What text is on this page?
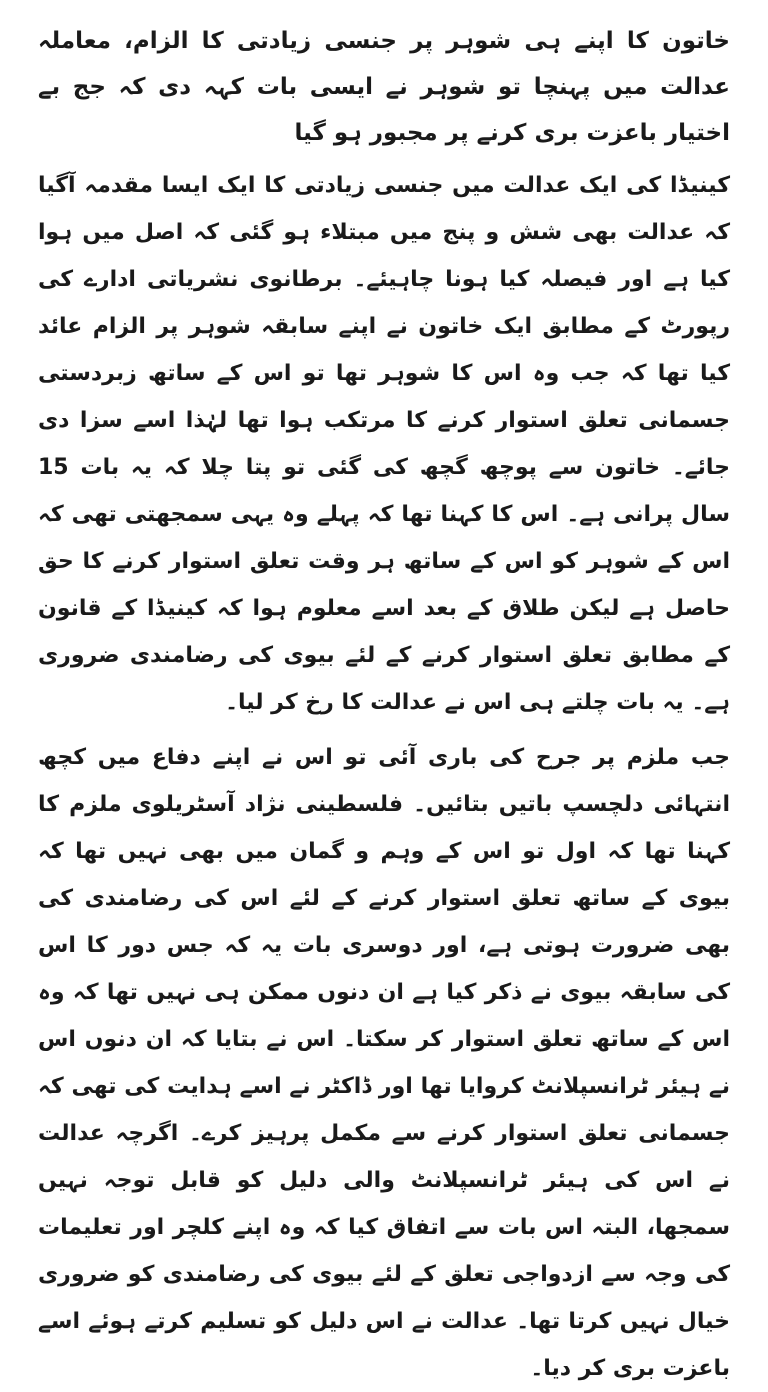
خاتون کا اپنے ہی شوہر پر جنسی زیادتی کا الزام، معاملہ عدالت میں پہنچا تو شوہر نے ایسی بات کہہ دی کہ جج بے اختیار باعزت بری کرنے پر مجبور ہو گیا

کینیڈا کی ایک عدالت میں جنسی زیادتی کا ایک ایسا مقدمہ آگیا کہ عدالت بھی شش و پنج میں مبتلاء ہو گئی کہ اصل میں ہوا کیا ہے اور فیصلہ کیا ہونا چاہیئے۔ برطانوی نشریاتی ادارے کی رپورٹ کے مطابق ایک خاتون نے اپنے سابقہ شوہر پر الزام عائد کیا تھا کہ جب وہ اس کا شوہر تھا تو اس کے ساتھ زبردستی جسمانی تعلق استوار کرنے کا مرتکب ہوا تھا لہٰذا اسے سزا دی جائے۔ خاتون سے پوچھ گچھ کی گئی تو پتا چلا کہ یہ بات 15 سال پرانی ہے۔ اس کا کہنا تھا کہ پہلے وہ یہی سمجھتی تھی کہ اس کے شوہر کو اس کے ساتھ ہر وقت تعلق استوار کرنے کا حق حاصل ہے لیکن طلاق کے بعد اسے معلوم ہوا کہ کینیڈا کے قانون کے مطابق تعلق استوار کرنے کے لئے بیوی کی رضامندی ضروری ہے۔ یہ بات چلتے ہی اس نے عدالت کا رخ کر لیا۔

جب ملزم پر جرح کی باری آئی تو اس نے اپنے دفاع میں کچھ انتہائی دلچسپ باتیں بتائیں۔ فلسطینی نژاد آسٹریلوی ملزم کا کہنا تھا کہ اول تو اس کے وہم و گمان میں بھی نہیں تھا کہ بیوی کے ساتھ تعلق استوار کرنے کے لئے اس کی رضامندی کی بھی ضرورت ہوتی ہے، اور دوسری بات یہ کہ جس دور کا اس کی سابقہ بیوی نے ذکر کیا ہے ان دنوں ممکن ہی نہیں تھا کہ وہ اس کے ساتھ تعلق استوار کر سکتا۔ اس نے بتایا کہ ان دنوں اس نے ہیئر ٹرانسپلانٹ کروایا تھا اور ڈاکٹر نے اسے ہدایت کی تھی کہ جسمانی تعلق استوار کرنے سے مکمل پرہیز کرے۔ اگرچہ عدالت نے اس کی ہیئر ٹرانسپلانٹ والی دلیل کو قابل توجہ نہیں سمجھا، البتہ اس بات سے اتفاق کیا کہ وہ اپنے کلچر اور تعلیمات کی وجہ سے ازدواجی تعلق کے لئے بیوی کی رضامندی کو ضروری خیال نہیں کرتا تھا۔ عدالت نے اس دلیل کو تسلیم کرتے ہوئے اسے باعزت بری کر دیا۔
